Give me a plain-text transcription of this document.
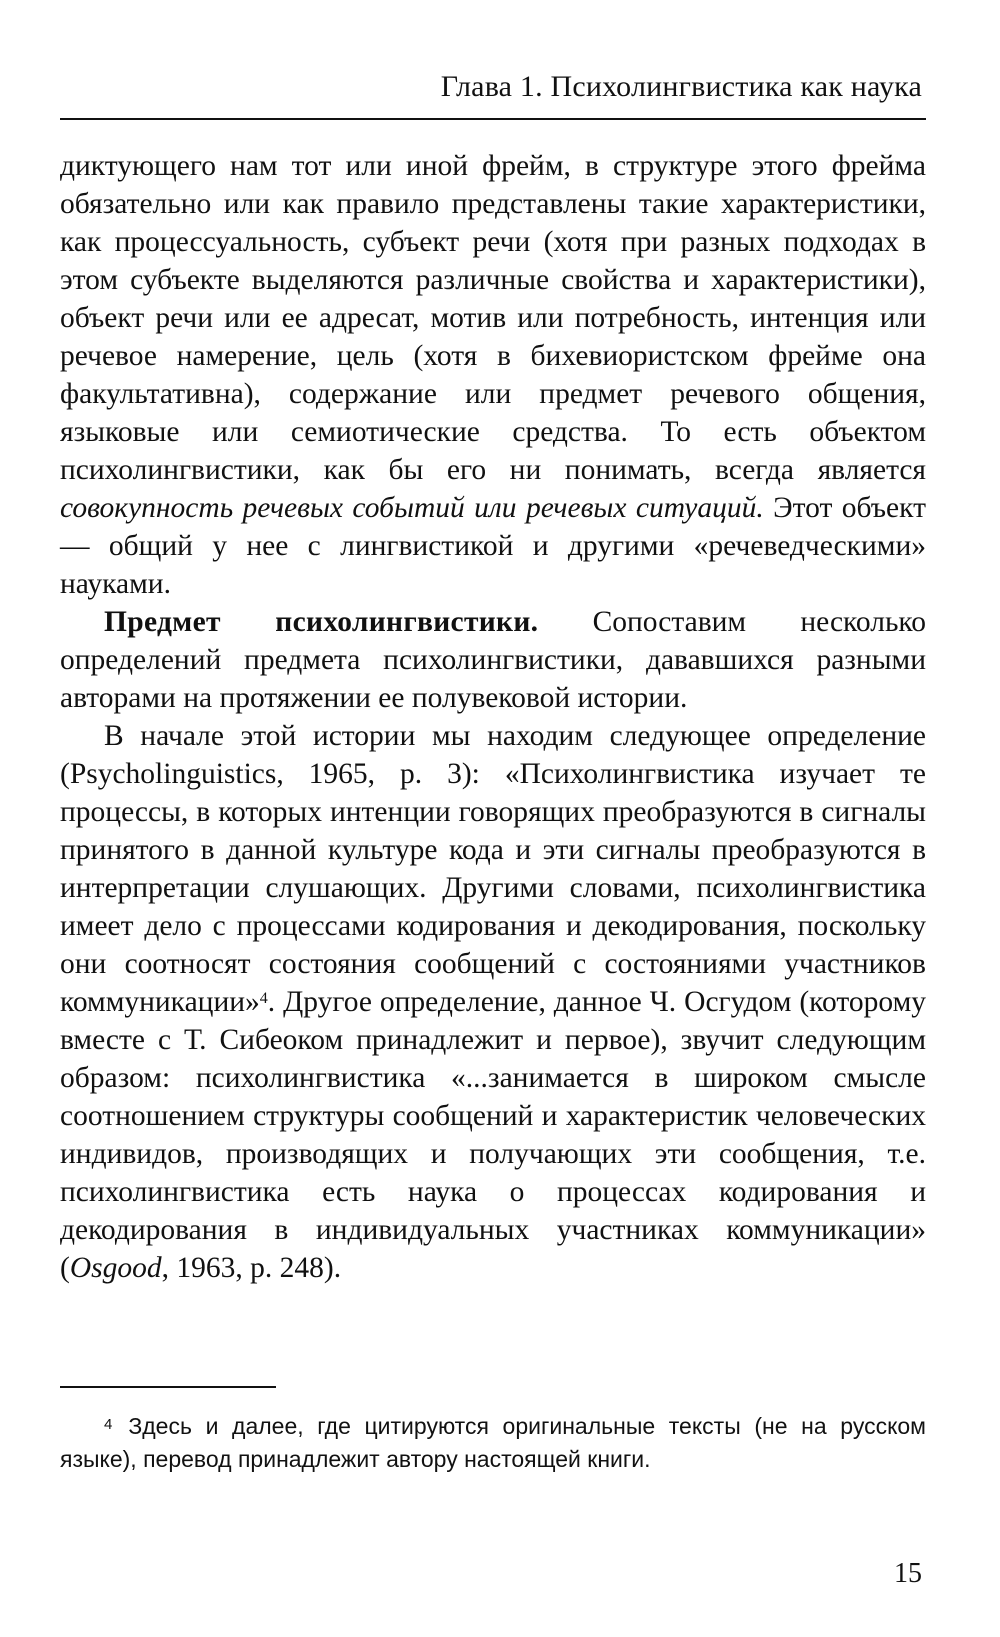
Глава 1. Психолингвистика как наука

диктующего нам тот или иной фрейм, в структуре этого фрейма обязательно или как правило представлены такие характеристики, как процессуальность, субъект речи (хотя при разных подходах в этом субъекте выделяются различные свойства и характеристики), объект речи или ее адресат, мотив или потребность, интенция или речевое намерение, цель (хотя в бихевиористском фрейме она факультативна), содержание или предмет речевого общения, языковые или семиотические средства. То есть объектом психолингвистики, как бы его ни понимать, всегда является совокупность речевых событий или речевых ситуаций. Этот объект — общий у нее с лингвистикой и другими «речеведческими» науками.

Предмет психолингвистики. Сопоставим несколько определений предмета психолингвистики, дававшихся разными авторами на протяжении ее полувековой истории.

В начале этой истории мы находим следующее определение (Psycholinguistics, 1965, p. 3): «Психолингвистика изучает те процессы, в которых интенции говорящих преобразуются в сигналы принятого в данной культуре кода и эти сигналы преобразуются в интерпретации слушающих. Другими словами, психолингвистика имеет дело с процессами кодирования и декодирования, поскольку они соотносят состояния сообщений с состояниями участников коммуникации»$^4$. Другое определение, данное Ч. Осгудом (которому вместе с Т. Сибеоком принадлежит и первое), звучит следующим образом: психолингвистика «...занимается в широком смысле соотношением структуры сообщений и характеристик человеческих индивидов, производящих и получающих эти сообщения, т.е. психолингвистика есть наука о процессах кодирования и декодирования в индивидуальных участниках коммуникации» (Osgood, 1963, p. 248).

$^4$ Здесь и далее, где цитируются оригинальные тексты (не на русском языке), перевод принадлежит автору настоящей книги.
15
